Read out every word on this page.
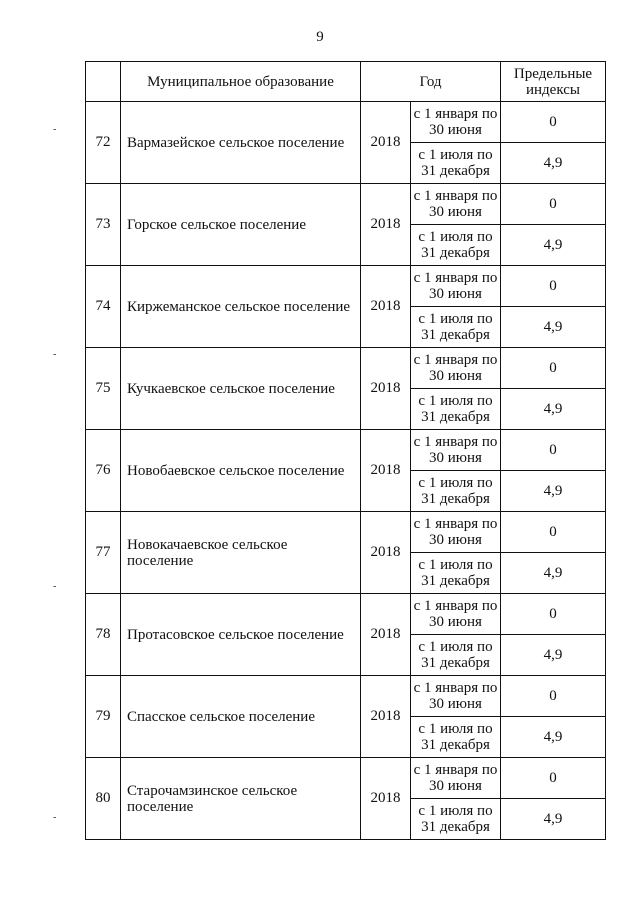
9
	Муниципальное образование	Год		Предельные индексы
72	Вармазейское сельское поселение	2018	с 1 января по 30 июня	0
			с 1 июля по 31 декабря	4,9
73	Горское сельское поселение	2018	с 1 января по 30 июня	0
			с 1 июля по 31 декабря	4,9
74	Киржеманское сельское поселение	2018	с 1 января по 30 июня	0
			с 1 июля по 31 декабря	4,9
75	Кучкаевское сельское поселение	2018	с 1 января по 30 июня	0
			с 1 июля по 31 декабря	4,9
76	Новобаевское сельское поселение	2018	с 1 января по 30 июня	0
			с 1 июля по 31 декабря	4,9
77	Новокачаевское сельское поселение	2018	с 1 января по 30 июня	0
			с 1 июля по 31 декабря	4,9
78	Протасовское сельское поселение	2018	с 1 января по 30 июня	0
			с 1 июля по 31 декабря	4,9
79	Спасское сельское поселение	2018	с 1 января по 30 июня	0
			с 1 июля по 31 декабря	4,9
80	Старочамзинское сельское поселение	2018	с 1 января по 30 июня	0
			с 1 июля по 31 декабря	4,9
-
-
-
-
